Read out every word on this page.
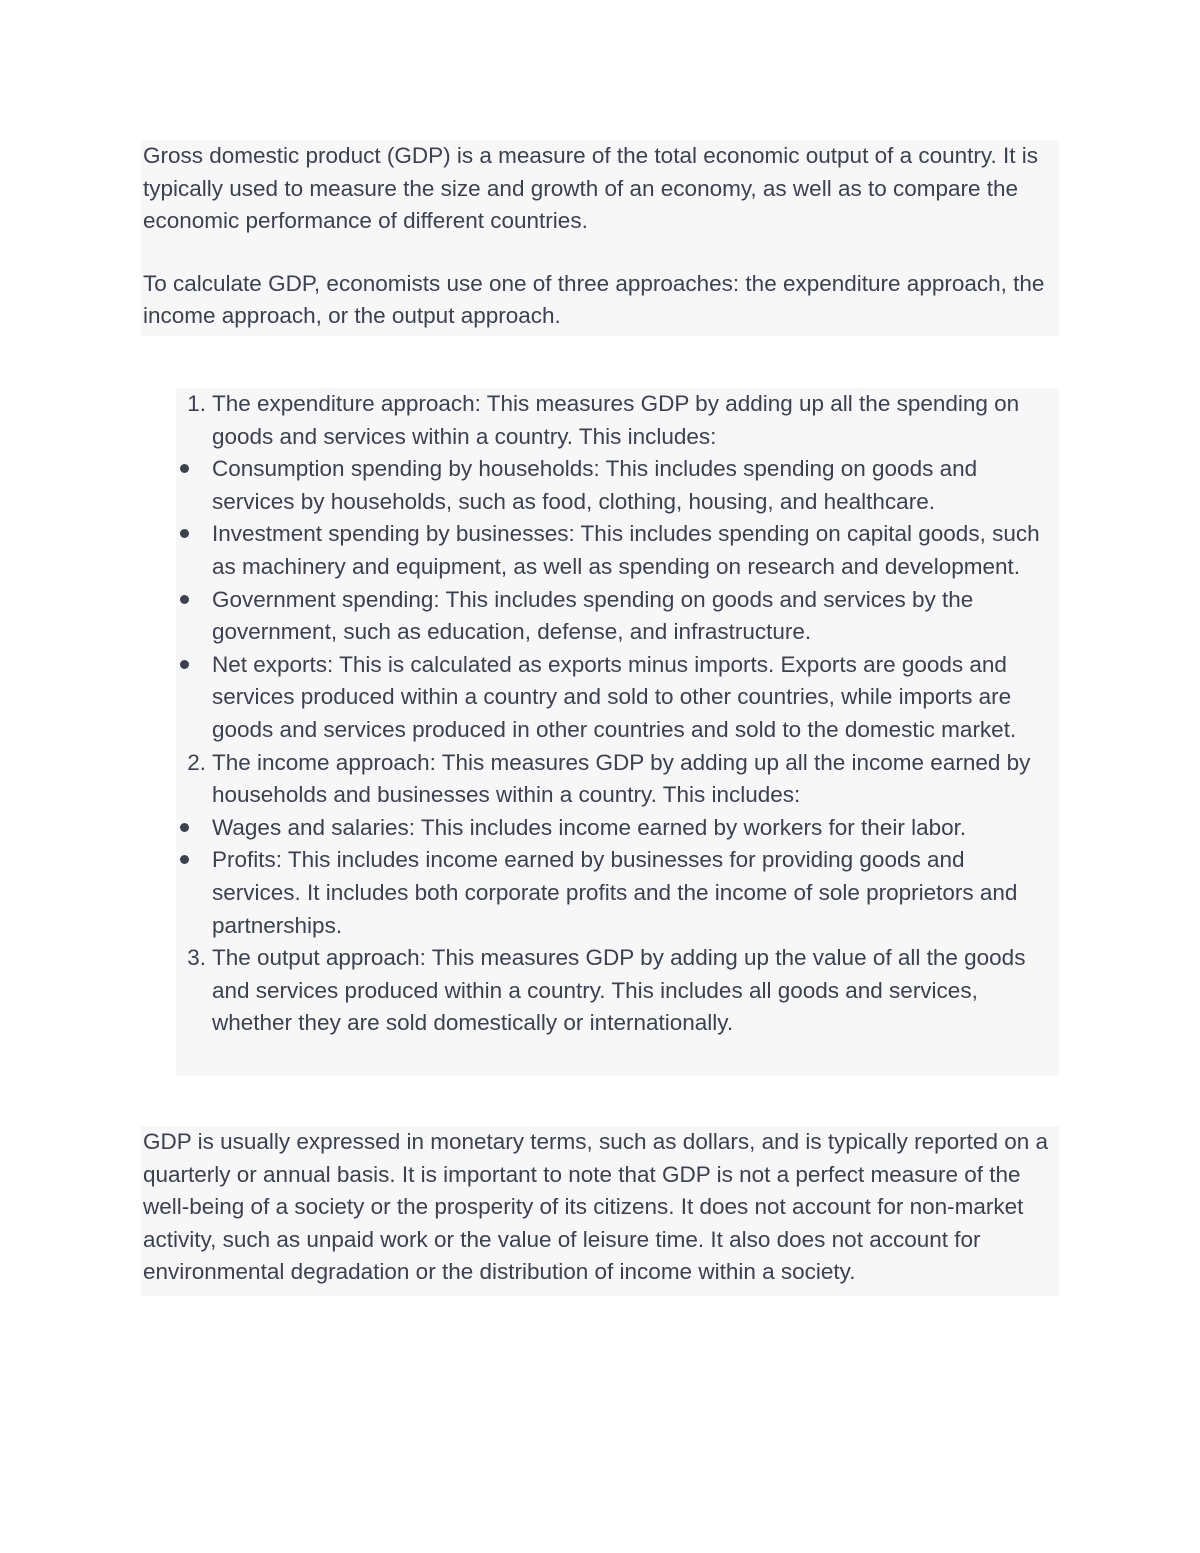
Gross domestic product (GDP) is a measure of the total economic output of a country. It is typically used to measure the size and growth of an economy, as well as to compare the economic performance of different countries.

To calculate GDP, economists use one of three approaches: the expenditure approach, the income approach, or the output approach.

1. The expenditure approach: This measures GDP by adding up all the spending on goods and services within a country. This includes:
Consumption spending by households: This includes spending on goods and services by households, such as food, clothing, housing, and healthcare.
Investment spending by businesses: This includes spending on capital goods, such as machinery and equipment, as well as spending on research and development.
Government spending: This includes spending on goods and services by the government, such as education, defense, and infrastructure.
Net exports: This is calculated as exports minus imports. Exports are goods and services produced within a country and sold to other countries, while imports are goods and services produced in other countries and sold to the domestic market.
2. The income approach: This measures GDP by adding up all the income earned by households and businesses within a country. This includes:
Wages and salaries: This includes income earned by workers for their labor.
Profits: This includes income earned by businesses for providing goods and services. It includes both corporate profits and the income of sole proprietors and partnerships.
3. The output approach: This measures GDP by adding up the value of all the goods and services produced within a country. This includes all goods and services, whether they are sold domestically or internationally.

GDP is usually expressed in monetary terms, such as dollars, and is typically reported on a quarterly or annual basis. It is important to note that GDP is not a perfect measure of the well-being of a society or the prosperity of its citizens. It does not account for non-market activity, such as unpaid work or the value of leisure time. It also does not account for environmental degradation or the distribution of income within a society.
